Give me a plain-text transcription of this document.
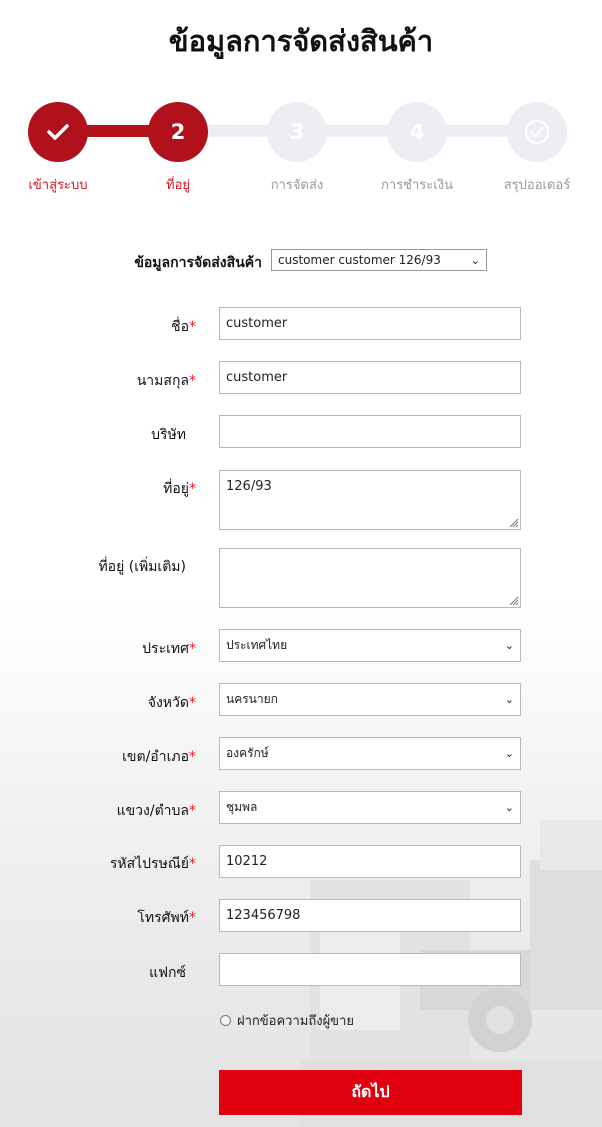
ข้อมูลการจัดส่งสินค้า
2	3	4
เข้าสู่ระบบ	ที่อยู่	การจัดส่ง	การชำระเงิน	สรุปออเดอร์
ข้อมูลการจัดส่งสินค้า customer customer 126/93	⌄
ชื่อ* customer
นามสกุล* customer
บริษัท
ที่อยู่* 126/93
ที่อยู่ (เพิ่มเติม)
ประเทศ*	ประเทศไทย	⌄
จังหวัด*	นครนายก	⌄
เขต/อำเภอ*	องครักษ์	⌄
แขวง/ตำบล*	ชุมพล	⌄
รหัสไปรษณีย์* 10212
โทรศัพท์* 123456798
แฟกซ์
ฝากข้อความถึงผู้ขาย
ถัดไป
